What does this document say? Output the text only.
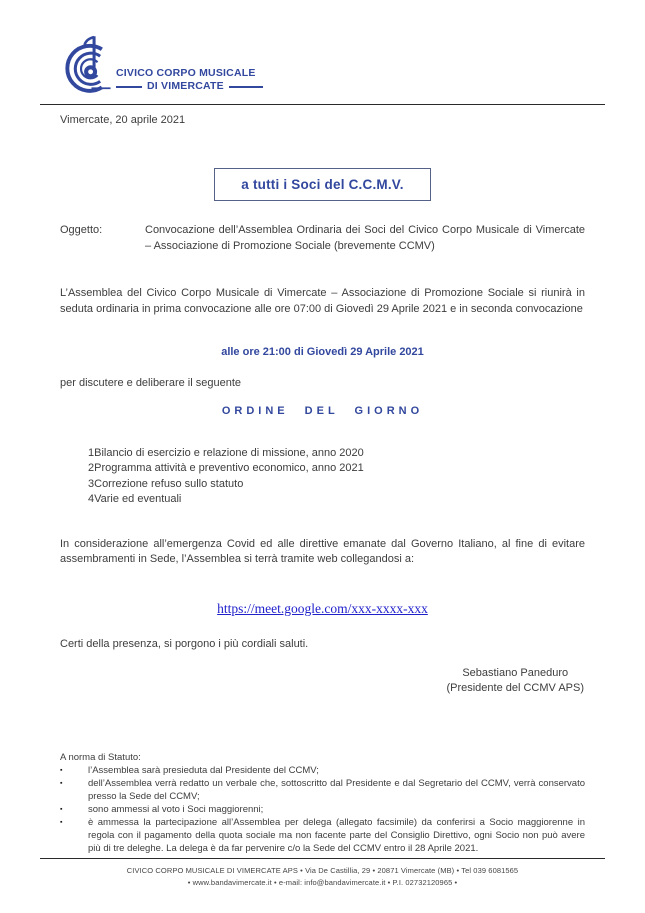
CIVICO CORPO MUSICALE
DI VIMERCATE

Vimercate, 20 aprile 2021

a tutti i Soci del C.C.M.V.
Oggetto:	Convocazione dell’Assemblea Ordinaria dei Soci del Civico Corpo Musicale di Vimercate – Associazione di Promozione Sociale (brevemente CCMV)

L’Assemblea del Civico Corpo Musicale di Vimercate – Associazione di Promozione Sociale si riunirà in seduta ordinaria in prima convocazione alle ore 07:00 di Giovedì 29 Aprile 2021 e in seconda convocazione

alle ore 21:00 di Giovedì 29 Aprile 2021

per discutere e deliberare il seguente

ORDINE DEL GIORNO

1 Bilancio di esercizio e relazione di missione, anno 2020
2 Programma attività e preventivo economico, anno 2021
3 Correzione refuso sullo statuto
4 Varie ed eventuali

In considerazione all’emergenza Covid ed alle direttive emanate dal Governo Italiano, al fine di evitare assembramenti in Sede, l’Assemblea si terrà tramite web collegandosi a:

https://meet.google.com/xxx-xxxx-xxx

Certi della presenza, si porgono i più cordiali saluti.

Sebastiano Paneduro

(Presidente del CCMV APS)

A norma di Statuto:

▪	l’Assemblea sarà presieduta dal Presidente del CCMV;

▪	dell’Assemblea verrà redatto un verbale che, sottoscritto dal Presidente e dal Segretario del CCMV, verrà conservato presso la Sede del CCMV;

▪	sono ammessi al voto i Soci maggiorenni;

▪	è ammessa la partecipazione all’Assemblea per delega (allegato facsimile) da conferirsi a Socio maggiorenne in regola con il pagamento della quota sociale ma non facente parte del Consiglio Direttivo, ogni Socio non può avere più di tre deleghe. La delega è da far pervenire c/o la Sede del CCMV entro il 28 Aprile 2021.

CIVICO CORPO MUSICALE DI VIMERCATE APS • Via De Castillia, 29 • 20871 Vimercate (MB) • Tel 039 6081565
• www.bandavimercate.it • e-mail: info@bandavimercate.it • P.I. 02732120965 •
